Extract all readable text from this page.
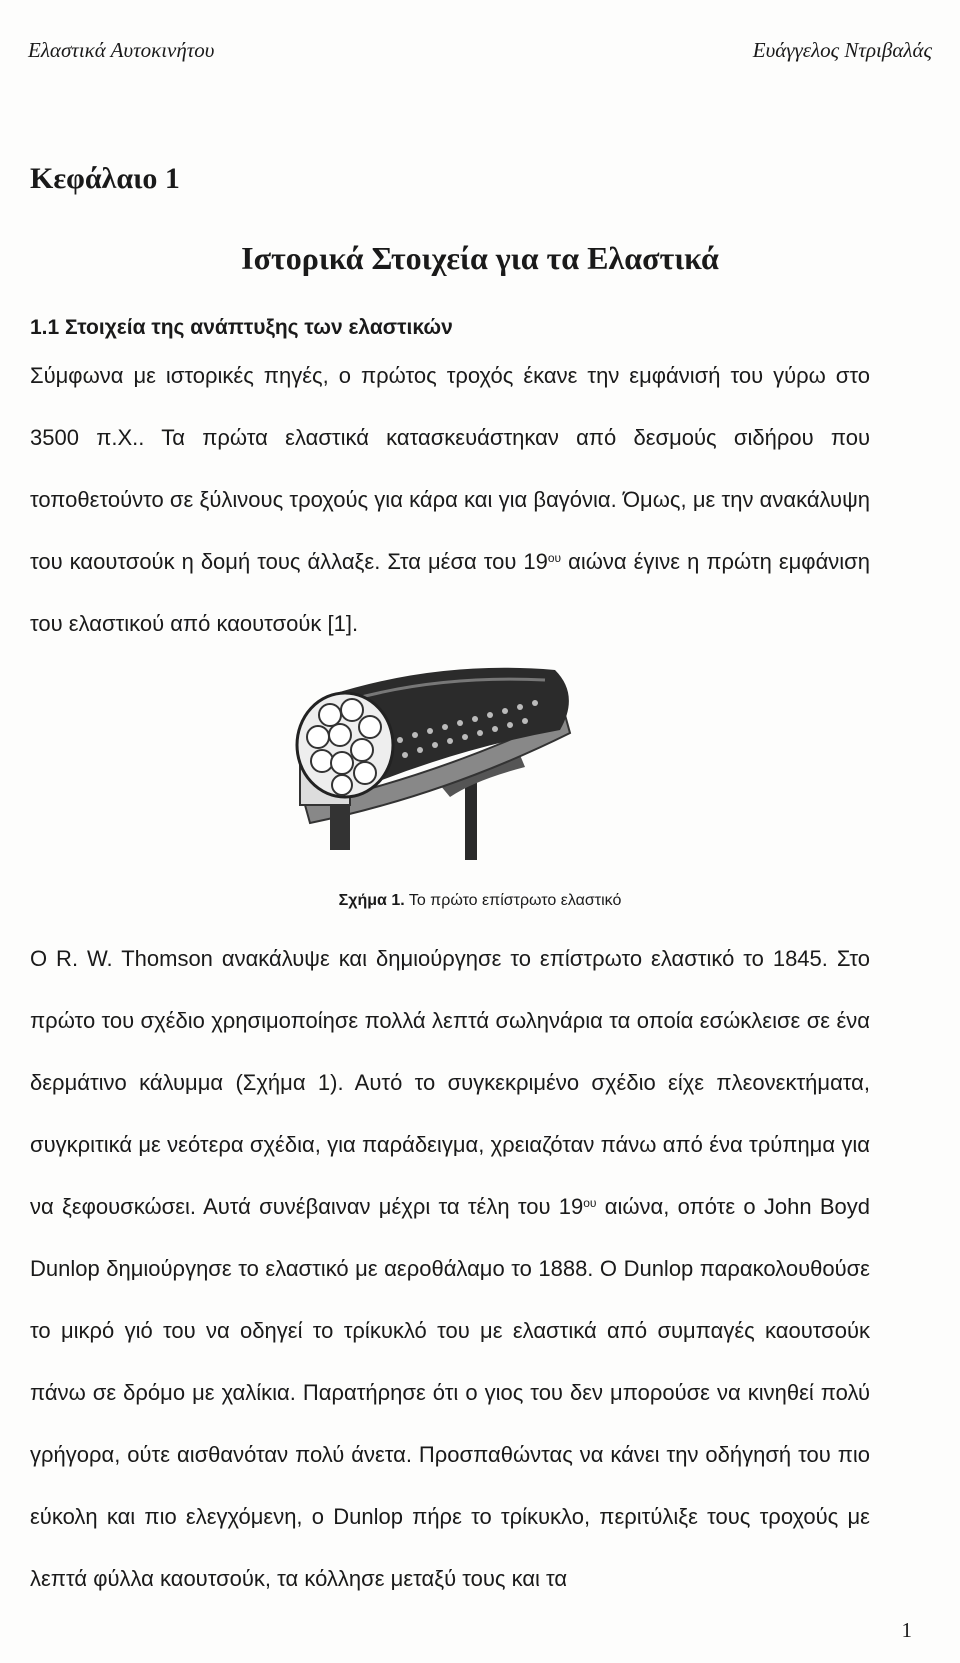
Ελαστικά Αυτοκινήτου	Ευάγγελος Ντριβαλάς
Κεφάλαιο 1
Ιστορικά Στοιχεία για τα Ελαστικά
1.1 Στοιχεία της ανάπτυξης των ελαστικών

Σύμφωνα με ιστορικές πηγές, ο πρώτος τροχός έκανε την εμφάνισή του γύρω στο 3500 π.Χ.. Τα πρώτα ελαστικά κατασκευάστηκαν από δεσμούς σιδήρου που τοποθετούντο σε ξύλινους τροχούς για κάρα και για βαγόνια. Όμως, με την ανακάλυψη του καουτσούκ η δομή τους άλλαξε. Στα μέσα του $19^{o\upsilon}$ αιώνα έγινε η πρώτη εμφάνιση του ελαστικού από καουτσούκ [1].

Σχήμα 1. Το πρώτο επίστρωτο ελαστικό

O R. W. Thomson ανακάλυψε και δημιούργησε το επίστρωτο ελαστικό το 1845. Στο πρώτο του σχέδιο χρησιμοποίησε πολλά λεπτά σωληνάρια τα οποία εσώκλεισε σε ένα δερμάτινο κάλυμμα (Σχήμα 1). Αυτό το συγκεκριμένο σχέδιο είχε πλεονεκτήματα, συγκριτικά με νεότερα σχέδια, για παράδειγμα, χρειαζόταν πάνω από ένα τρύπημα για να ξεφουσκώσει. Αυτά συνέβαιναν μέχρι τα τέλη του $19^{o\upsilon}$ αιώνα, οπότε ο John Boyd Dunlop δημιούργησε το ελαστικό με αεροθάλαμο το 1888. Ο Dunlop παρακολουθούσε το μικρό γιό του να οδηγεί το τρίκυκλό του με ελαστικά από συμπαγές καουτσούκ πάνω σε δρόμο με χαλίκια. Παρατήρησε ότι ο γιος του δεν μπορούσε να κινηθεί πολύ γρήγορα, ούτε αισθανόταν πολύ άνετα. Προσπαθώντας να κάνει την οδήγησή του πιο εύκολη και πιο ελεγχόμενη, ο Dunlop πήρε το τρίκυκλο, περιτύλιξε τους τροχούς με λεπτά φύλλα καουτσούκ, τα κόλλησε μεταξύ τους και τα

1
